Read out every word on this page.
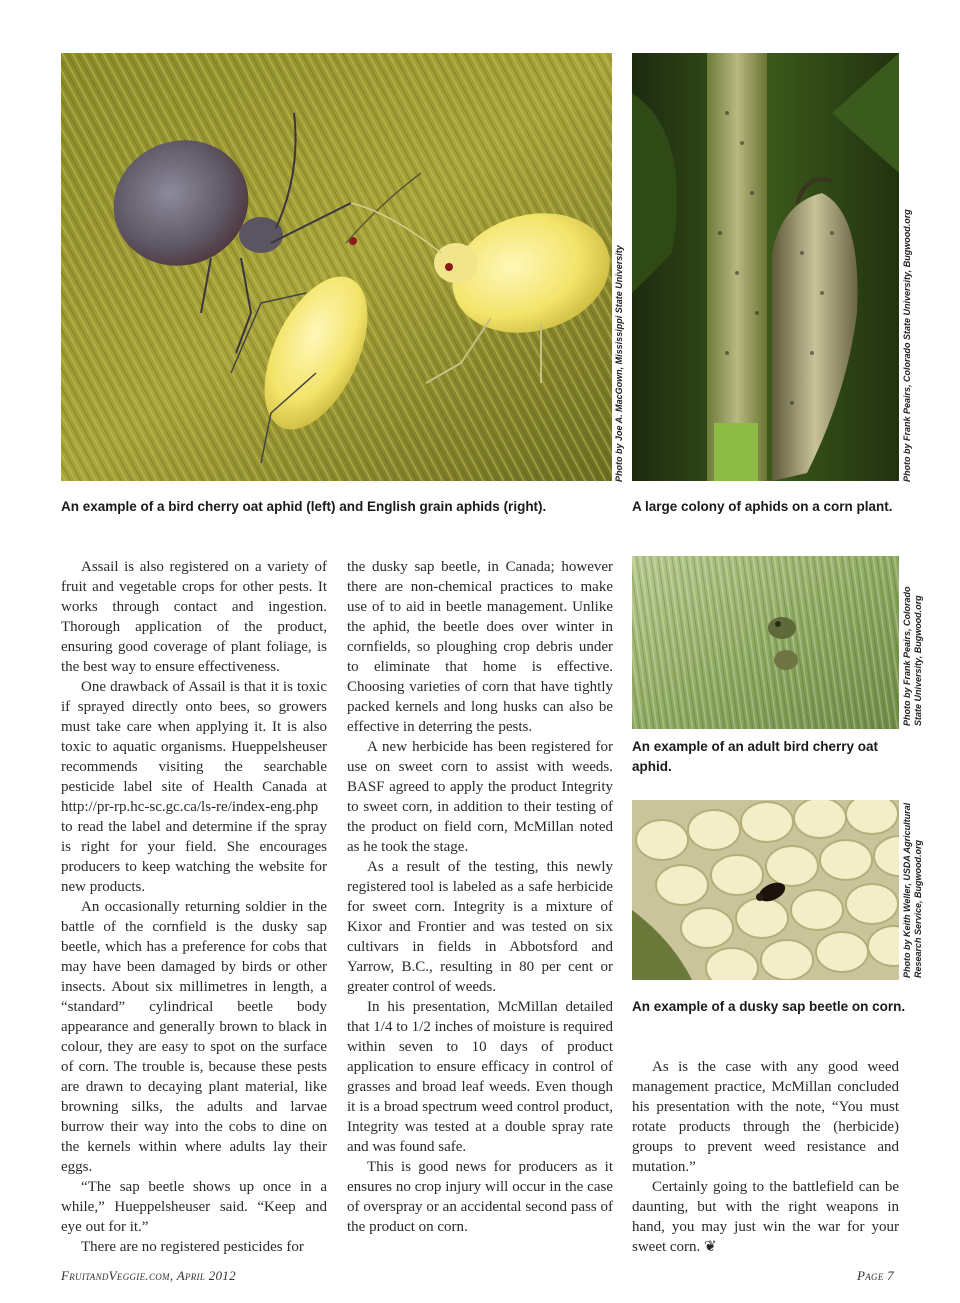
Photo by Joe A. MacGown, Mississippi State University	Photo by Frank Peairs, Colorado State University, Bugwood.org
An example of a bird cherry oat aphid (left) and English grain aphids (right).	A large colony of aphids on a corn plant.
Photo by Frank Peairs, Colorado State University, Bugwood.org
An example of an adult bird cherry oat aphid.
Photo by Keith Weller, USDA Agricultural Research Service, Bugwood.org
An example of a dusky sap beetle on corn.

Assail is also registered on a variety of fruit and vegetable crops for other pests. It works through contact and ingestion. Thorough application of the product, ensuring good coverage of plant foliage, is the best way to ensure effectiveness.

One drawback of Assail is that it is toxic if sprayed directly onto bees, so growers must take care when applying it. It is also toxic to aquatic organisms. Hueppelsheuser recommends visiting the searchable pesticide label site of Health Canada at http://pr-rp.hc-sc.gc.ca/ls-re/index-eng.php to read the label and determine if the spray is right for your field. She encourages producers to keep watching the website for new products.

An occasionally returning soldier in the battle of the cornfield is the dusky sap beetle, which has a preference for cobs that may have been damaged by birds or other insects. About six millimetres in length, a “standard” cylindrical beetle body appearance and generally brown to black in colour, they are easy to spot on the surface of corn. The trouble is, because these pests are drawn to decaying plant material, like browning silks, the adults and larvae burrow their way into the cobs to dine on the kernels within where adults lay their eggs.

“The sap beetle shows up once in a while,” Hueppelsheuser said. “Keep and eye out for it.”

There are no registered pesticides for

the dusky sap beetle, in Canada; however there are non-chemical practices to make use of to aid in beetle management. Unlike the aphid, the beetle does over winter in cornfields, so ploughing crop debris under to eliminate that home is effective. Choosing varieties of corn that have tightly packed kernels and long husks can also be effective in deterring the pests.

A new herbicide has been registered for use on sweet corn to assist with weeds. BASF agreed to apply the product Integrity to sweet corn, in addition to their testing of the product on field corn, McMillan noted as he took the stage.

As a result of the testing, this newly registered tool is labeled as a safe herbicide for sweet corn. Integrity is a mixture of Kixor and Frontier and was tested on six cultivars in fields in Abbotsford and Yarrow, B.C., resulting in 80 per cent or greater control of weeds.

In his presentation, McMillan detailed that 1/4 to 1/2 inches of moisture is required within seven to 10 days of product application to ensure efficacy in control of grasses and broad leaf weeds. Even though it is a broad spectrum weed control product, Integrity was tested at a double spray rate and was found safe.

This is good news for producers as it ensures no crop injury will occur in the case of overspray or an accidental second pass of the product on corn.

As is the case with any good weed management practice, McMillan concluded his presentation with the note, “You must rotate products through the (herbicide) groups to prevent weed resistance and mutation.”

Certainly going to the battlefield can be daunting, but with the right weapons in hand, you may just win the war for your sweet corn. ❦

FruitandVeggie.com, April 2012	Page 7
